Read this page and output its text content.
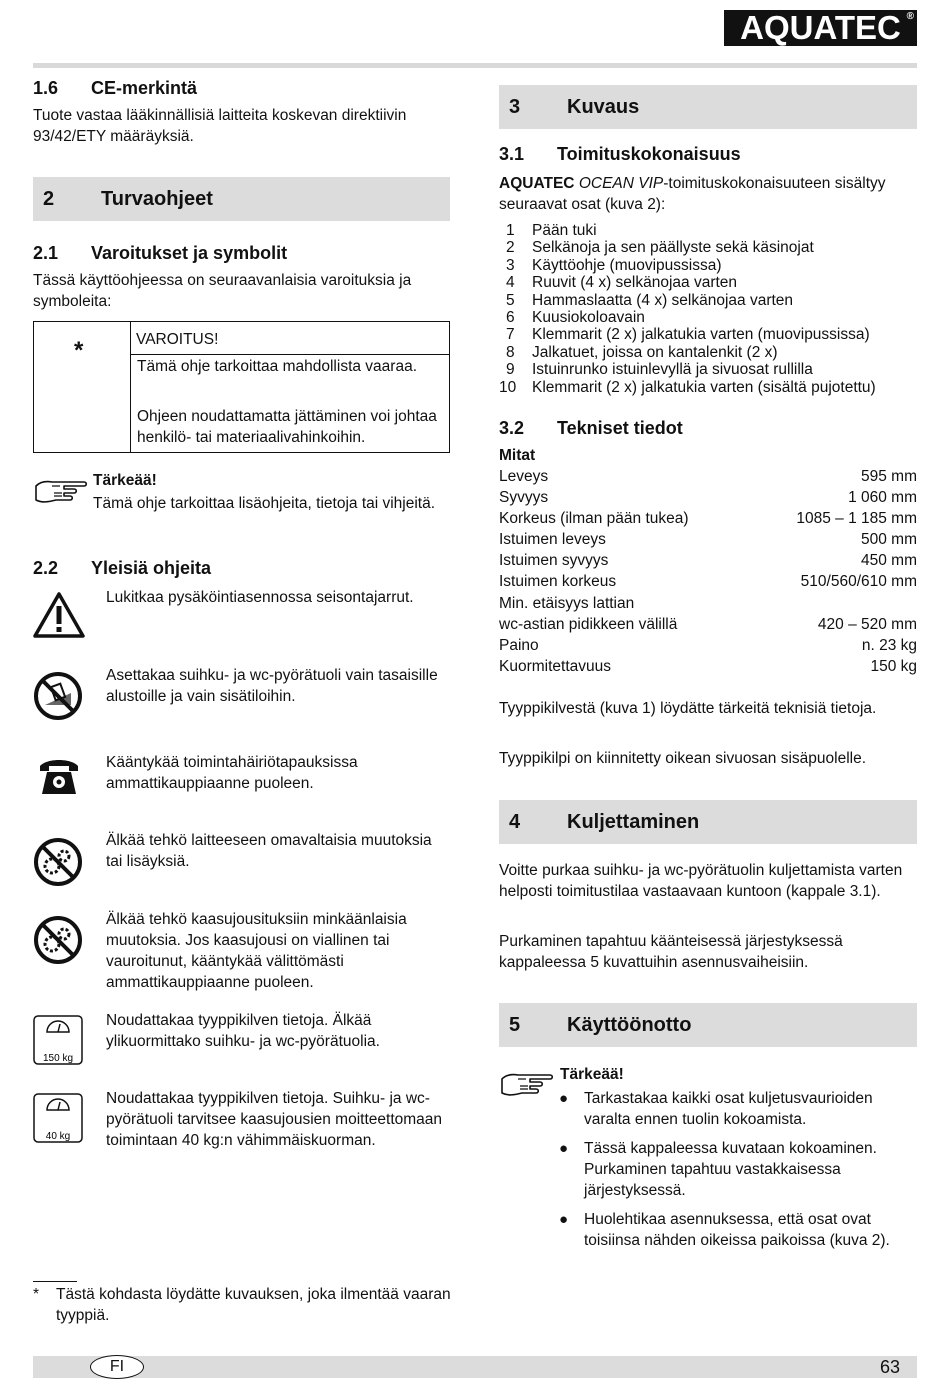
AQUATEC ®
1.6 CE-merkintä
Tuote vastaa lääkinnällisiä laitteita koskevan direktiivin 93/42/ETY määräyksiä.
2 Turvaohjeet
2.1 Varoitukset ja symbolit
Tässä käyttöohjeessa on seuraavanlaisia varoituksia ja symboleita:
*	VAROITUS!
Tämä ohje tarkoittaa mahdollista vaaraa.
Ohjeen noudattamatta jättäminen voi johtaa henkilö- tai materiaalivahinkoihin.
Tärkeää!
Tämä ohje tarkoittaa lisäohjeita, tietoja tai vihjeitä.
2.2 Yleisiä ohjeita
Lukitkaa pysäköintiasennossa seisontajarrut.
Asettakaa suihku- ja wc-pyörätuoli vain tasaisille alustoille ja vain sisätiloihin.
Kääntykää toimintahäiriötapauksissa ammattikauppiaanne puoleen.
Älkää tehkö laitteeseen omavaltaisia muutoksia tai lisäyksiä.
Älkää tehkö kaasujousituksiin minkäänlaisia muutoksia. Jos kaasujousi on viallinen tai vauroitunut, kääntykää välittömästi ammattikauppiaanne puoleen.
150 kg
Noudattakaa tyyppikilven tietoja. Älkää ylikuormittako suihku- ja wc-pyörätuolia.
40 kg
Noudattakaa tyyppikilven tietoja. Suihku- ja wc-pyörätuoli tarvitsee kaasujousien moitteettomaan toimintaan 40 kg:n vähimmäiskuorman.
* Tästä kohdasta löydätte kuvauksen, joka ilmentää vaaran tyyppiä.
3 Kuvaus
3.1 Toimituskokonaisuus
AQUATEC OCEAN VIP-toimituskokonaisuuteen sisältyy seuraavat osat (kuva 2):
1	Pään tuki
2	Selkänoja ja sen päällyste sekä käsinojat
3	Käyttöohje (muovipussissa)
4	Ruuvit (4 x) selkänojaa varten
5	Hammaslaatta (4 x) selkänojaa varten
6	Kuusiokoloavain
7	Klemmarit (2 x) jalkatukia varten (muovipussissa)
8	Jalkatuet, joissa on kantalenkit (2 x)
9	Istuinrunko istuinlevyllä ja sivuosat rullilla
10	Klemmarit (2 x) jalkatukia varten (sisältä pujotettu)
3.2 Tekniset tiedot
Mitat
Leveys	595 mm
Syvyys	1 060 mm
Korkeus (ilman pään tukea)	1085 – 1 185 mm
Istuimen leveys	500 mm
Istuimen syvyys	450 mm
Istuimen korkeus	510/560/610 mm
Min. etäisyys lattian
wc-astian pidikkeen välillä	420 – 520 mm
Paino	n. 23 kg
Kuormitettavuus	150 kg
Tyyppikilvestä (kuva 1) löydätte tärkeitä teknisiä tietoja.
Tyyppikilpi on kiinnitetty oikean sivuosan sisäpuolelle.
4 Kuljettaminen
Voitte purkaa suihku- ja wc-pyörätuolin kuljettamista varten helposti toimitustilaa vastaavaan kuntoon (kappale 3.1).
Purkaminen tapahtuu käänteisessä järjestyksessä kappaleessa 5 kuvattuihin asennusvaiheisiin.
5 Käyttöönotto
Tärkeää!
● Tarkastakaa kaikki osat kuljetusvaurioiden varalta ennen tuolin kokoamista.
● Tässä kappaleessa kuvataan kokoaminen. Purkaminen tapahtuu vastakkaisessa järjestyksessä.
● Huolehtikaa asennuksessa, että osat ovat toisiinsa nähden oikeissa paikoissa (kuva 2).
FI	63
